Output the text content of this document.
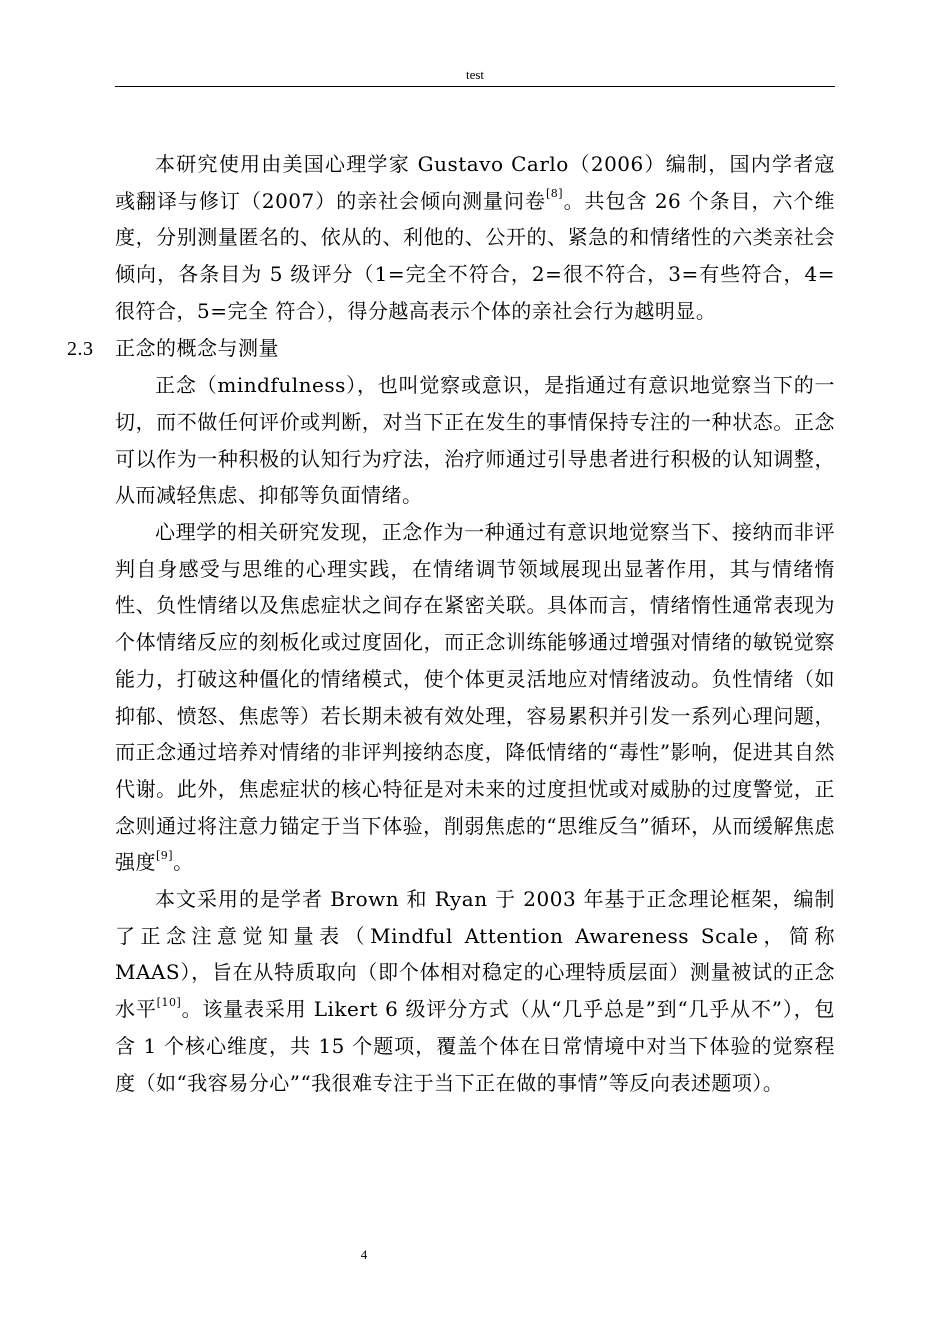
test

本研究使用由美国心理学家 Gustavo Carlo（2006）编制，国内学者寇彧翻译与修订（2007）的亲社会倾向测量问卷[8]。共包含 26 个条目，六个维度，分别测量匿名的、依从的、利他的、公开的、紧急的和情绪性的六类亲社会倾向，各条目为 5 级评分（1=完全不符合，2=很不符合，3=有些符合，4=很符合，5=完全 符合），得分越高表示个体的亲社会行为越明显。

2.3 正念的概念与测量

正念（mindfulness），也叫觉察或意识，是指通过有意识地觉察当下的一切，而不做任何评价或判断，对当下正在发生的事情保持专注的一种状态。正念可以作为一种积极的认知行为疗法，治疗师通过引导患者进行积极的认知调整，从而减轻焦虑、抑郁等负面情绪。

心理学的相关研究发现，正念作为一种通过有意识地觉察当下、接纳而非评判自身感受与思维的心理实践，在情绪调节领域展现出显著作用，其与情绪惰性、负性情绪以及焦虑症状之间存在紧密关联。具体而言，情绪惰性通常表现为个体情绪反应的刻板化或过度固化，而正念训练能够通过增强对情绪的敏锐觉察能力，打破这种僵化的情绪模式，使个体更灵活地应对情绪波动。负性情绪（如抑郁、愤怒、焦虑等）若长期未被有效处理，容易累积并引发一系列心理问题，而正念通过培养对情绪的非评判接纳态度，降低情绪的“毒性”影响，促进其自然代谢。此外，焦虑症状的核心特征是对未来的过度担忧或对威胁的过度警觉，正念则通过将注意力锚定于当下体验，削弱焦虑的“思维反刍”循环，从而缓解焦虑强度[9]。

本文采用的是学者 Brown 和 Ryan 于 2003 年基于正念理论框架，编制了正念注意觉知量表（Mindful Attention Awareness Scale，简称MAAS），旨在从特质取向（即个体相对稳定的心理特质层面）测量被试的正念水平[10]。该量表采用 Likert 6 级评分方式（从“几乎总是”到“几乎从不”），包含 1 个核心维度，共 15 个题项，覆盖个体在日常情境中对当下体验的觉察程度（如“我容易分心”“我很难专注于当下正在做的事情”等反向表述题项）。

4
